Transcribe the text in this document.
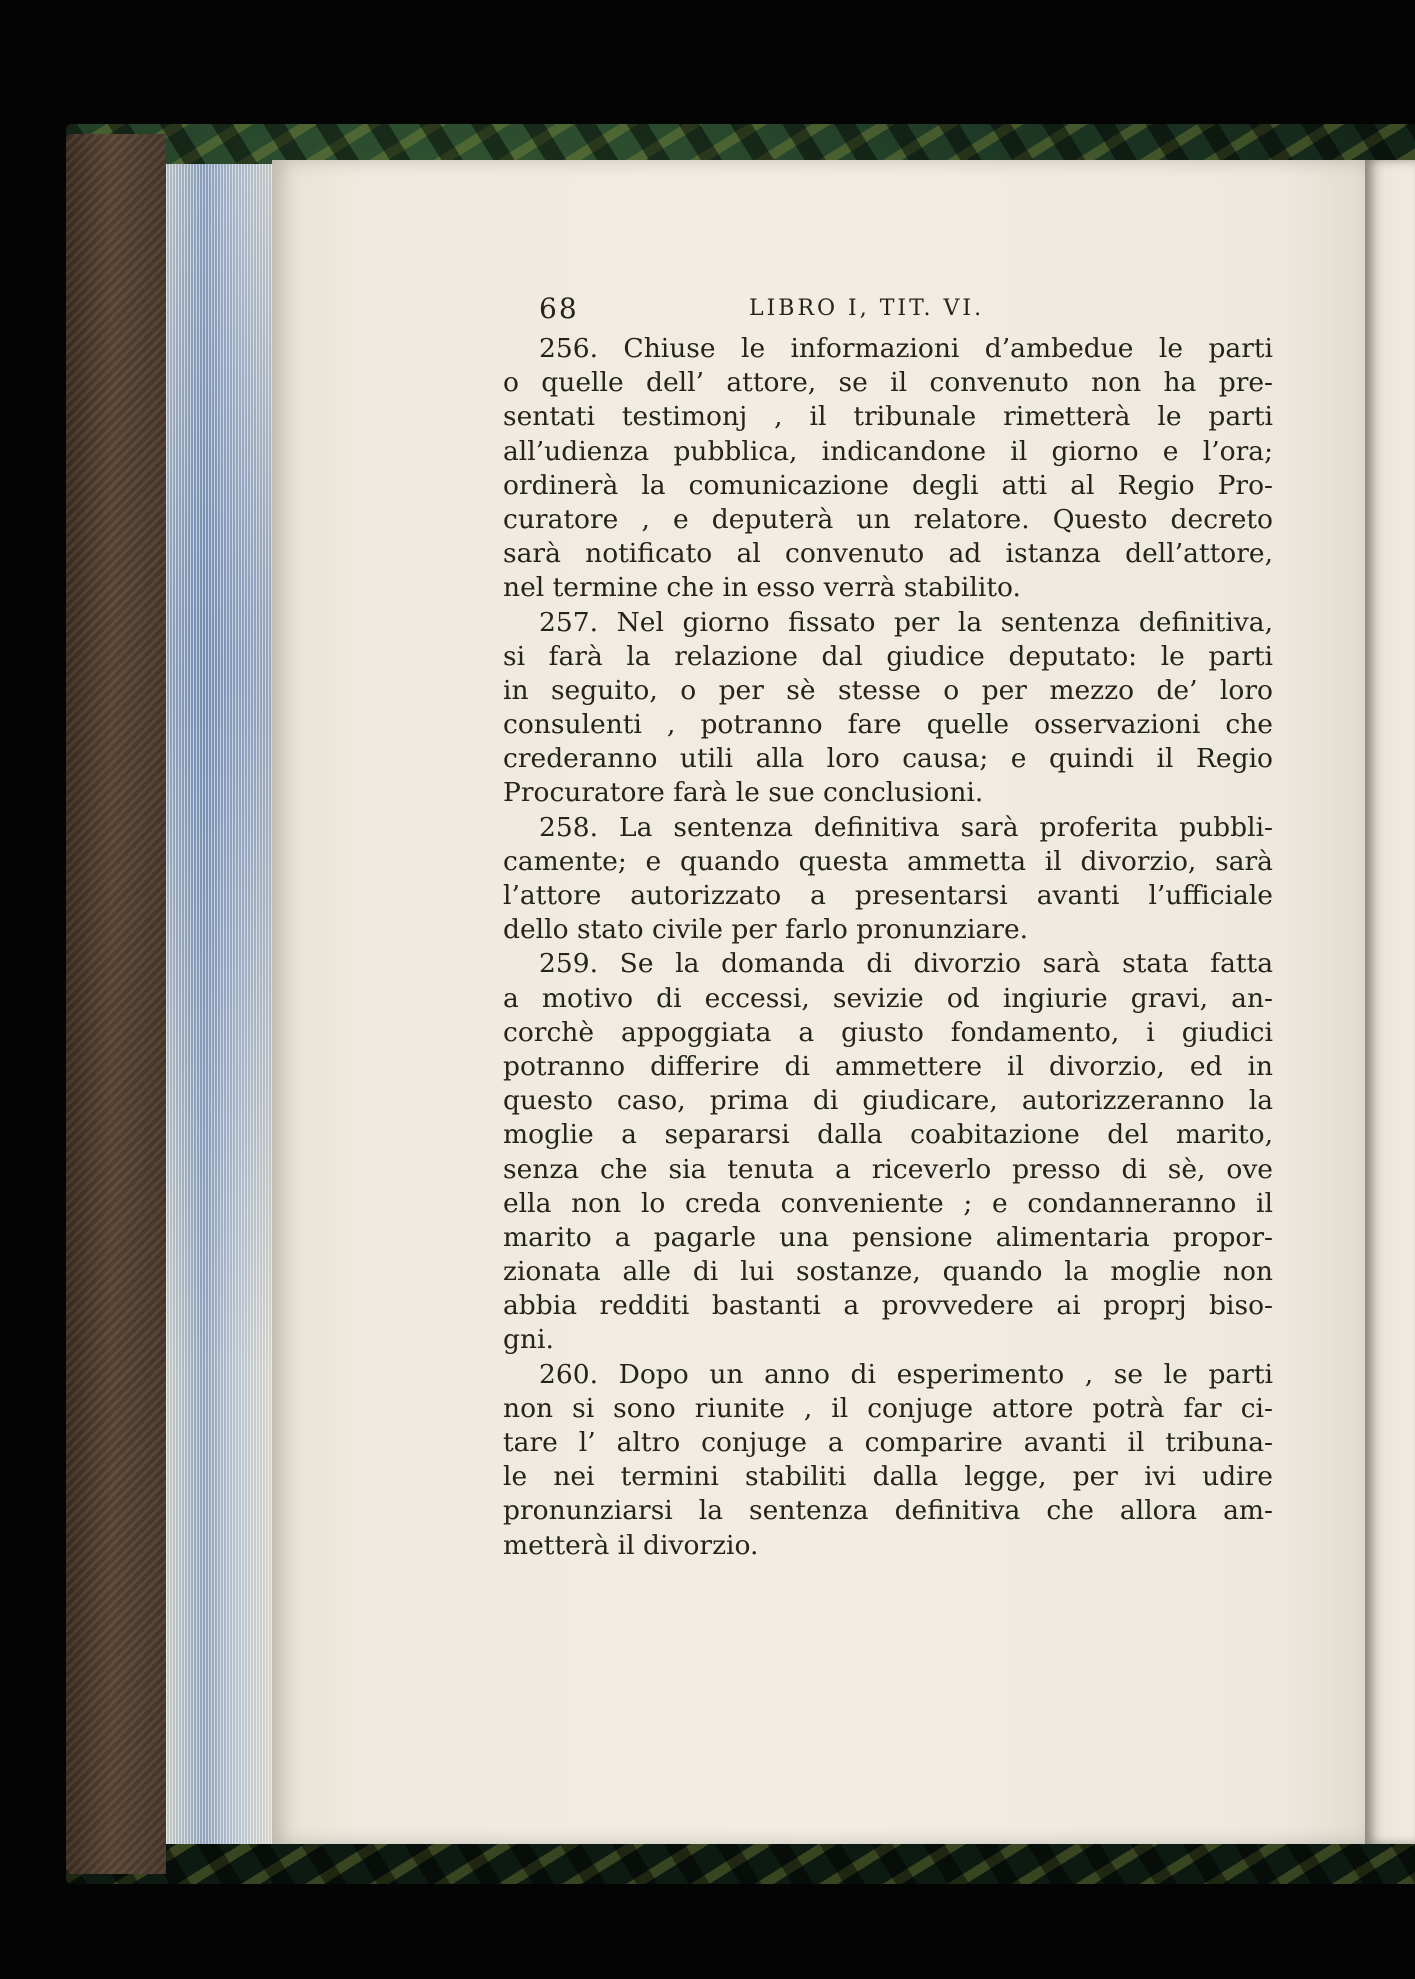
68	LIBRO I, TIT. VI.
256. Chiuse le informazioni d’ambedue le parti
o quelle dell’ attore, se il convenuto non ha pre-
sentati testimonj , il tribunale rimetterà le parti
all’udienza pubblica, indicandone il giorno e l’ora;
ordinerà la comunicazione degli atti al Regio Pro-
curatore , e deputerà un relatore. Questo decreto
sarà notificato al convenuto ad istanza dell’attore,
nel termine che in esso verrà stabilito.
257. Nel giorno fissato per la sentenza definitiva,
si farà la relazione dal giudice deputato: le parti
in seguito, o per sè stesse o per mezzo de’ loro
consulenti , potranno fare quelle osservazioni che
crederanno utili alla loro causa; e quindi il Regio
Procuratore farà le sue conclusioni.
258. La sentenza definitiva sarà proferita pubbli-
camente; e quando questa ammetta il divorzio, sarà
l’attore autorizzato a presentarsi avanti l’ufficiale
dello stato civile per farlo pronunziare.
259. Se la domanda di divorzio sarà stata fatta
a motivo di eccessi, sevizie od ingiurie gravi, an-
corchè appoggiata a giusto fondamento, i giudici
potranno differire di ammettere il divorzio, ed in
questo caso, prima di giudicare, autorizzeranno la
moglie a separarsi dalla coabitazione del marito,
senza che sia tenuta a riceverlo presso di sè, ove
ella non lo creda conveniente ; e condanneranno il
marito a pagarle una pensione alimentaria propor-
zionata alle di lui sostanze, quando la moglie non
abbia redditi bastanti a provvedere ai proprj biso-
gni.
260. Dopo un anno di esperimento , se le parti
non si sono riunite , il conjuge attore potrà far ci-
tare l’ altro conjuge a comparire avanti il tribuna-
le nei termini stabiliti dalla legge, per ivi udire
pronunziarsi la sentenza definitiva che allora am-
metterà il divorzio.
